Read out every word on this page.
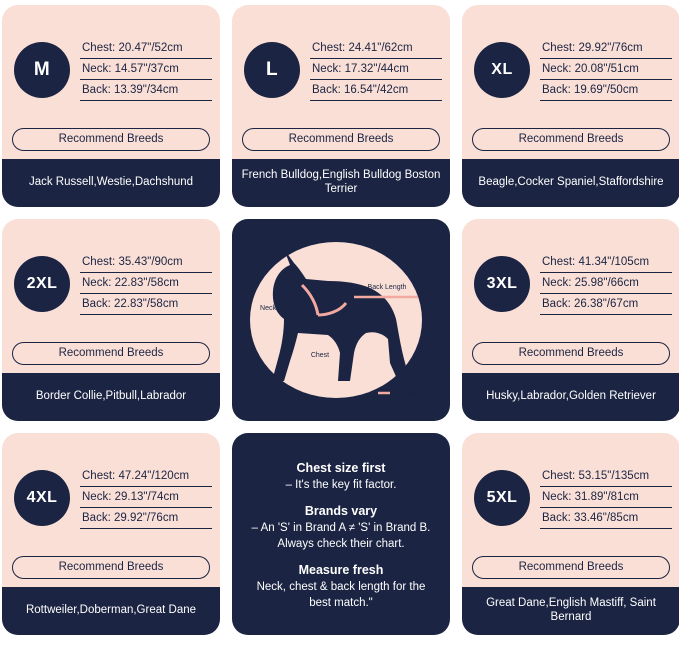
M
Chest: 20.47"/52cm
Neck: 14.57"/37cm
Back: 13.39"/34cm
Recommend Breeds
Jack Russell,Westie,Dachshund
L
Chest: 24.41"/62cm
Neck: 17.32"/44cm
Back: 16.54"/42cm
Recommend Breeds
French Bulldog,English Bulldog Boston Terrier
XL
Chest: 29.92"/76cm
Neck: 20.08"/51cm
Back: 19.69"/50cm
Recommend Breeds
Beagle,Cocker Spaniel,Staffordshire
2XL
Chest: 35.43"/90cm
Neck: 22.83"/58cm
Back: 22.83"/58cm
Recommend Breeds
Border Collie,Pitbull,Labrador
Back Length
Neck
Chest
Measure Here
3XL
Chest: 41.34"/105cm
Neck: 25.98"/66cm
Back: 26.38"/67cm
Recommend Breeds
Husky,Labrador,Golden Retriever
4XL
Chest: 47.24"/120cm
Neck: 29.13"/74cm
Back: 29.92"/76cm
Recommend Breeds
Rottweiler,Doberman,Great Dane
Chest size first
– It's the key fit factor.
Brands vary
– An 'S' in Brand A ≠ 'S' in Brand B. Always check their chart.
Measure fresh
Neck, chest & back length for the best match."
5XL
Chest: 53.15"/135cm
Neck: 31.89"/81cm
Back: 33.46"/85cm
Recommend Breeds
Great Dane,English Mastiff, Saint Bernard
